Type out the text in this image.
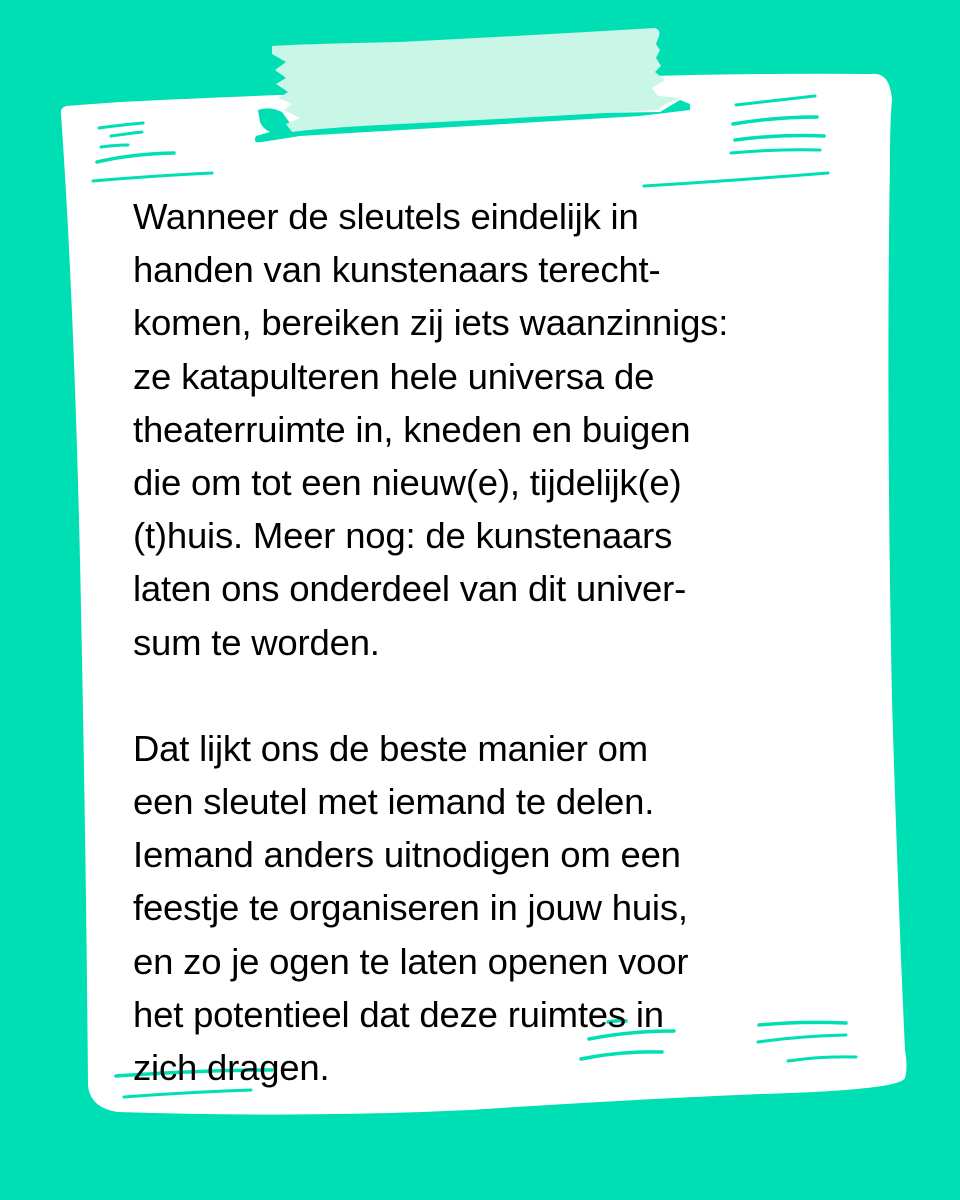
Wanneer de sleutels eindelijk in
handen van kunstenaars terecht-
komen, bereiken zij iets waanzinnigs:
ze katapulteren hele universa de
theaterruimte in, kneden en buigen
die om tot een nieuw(e), tijdelijk(e)
(t)huis. Meer nog: de kunstenaars
laten ons onderdeel van dit univer-
sum te worden.
Dat lijkt ons de beste manier om
een sleutel met iemand te delen.
Iemand anders uitnodigen om een
feestje te organiseren in jouw huis,
en zo je ogen te laten openen voor
het potentieel dat deze ruimtes in
zich dragen.
